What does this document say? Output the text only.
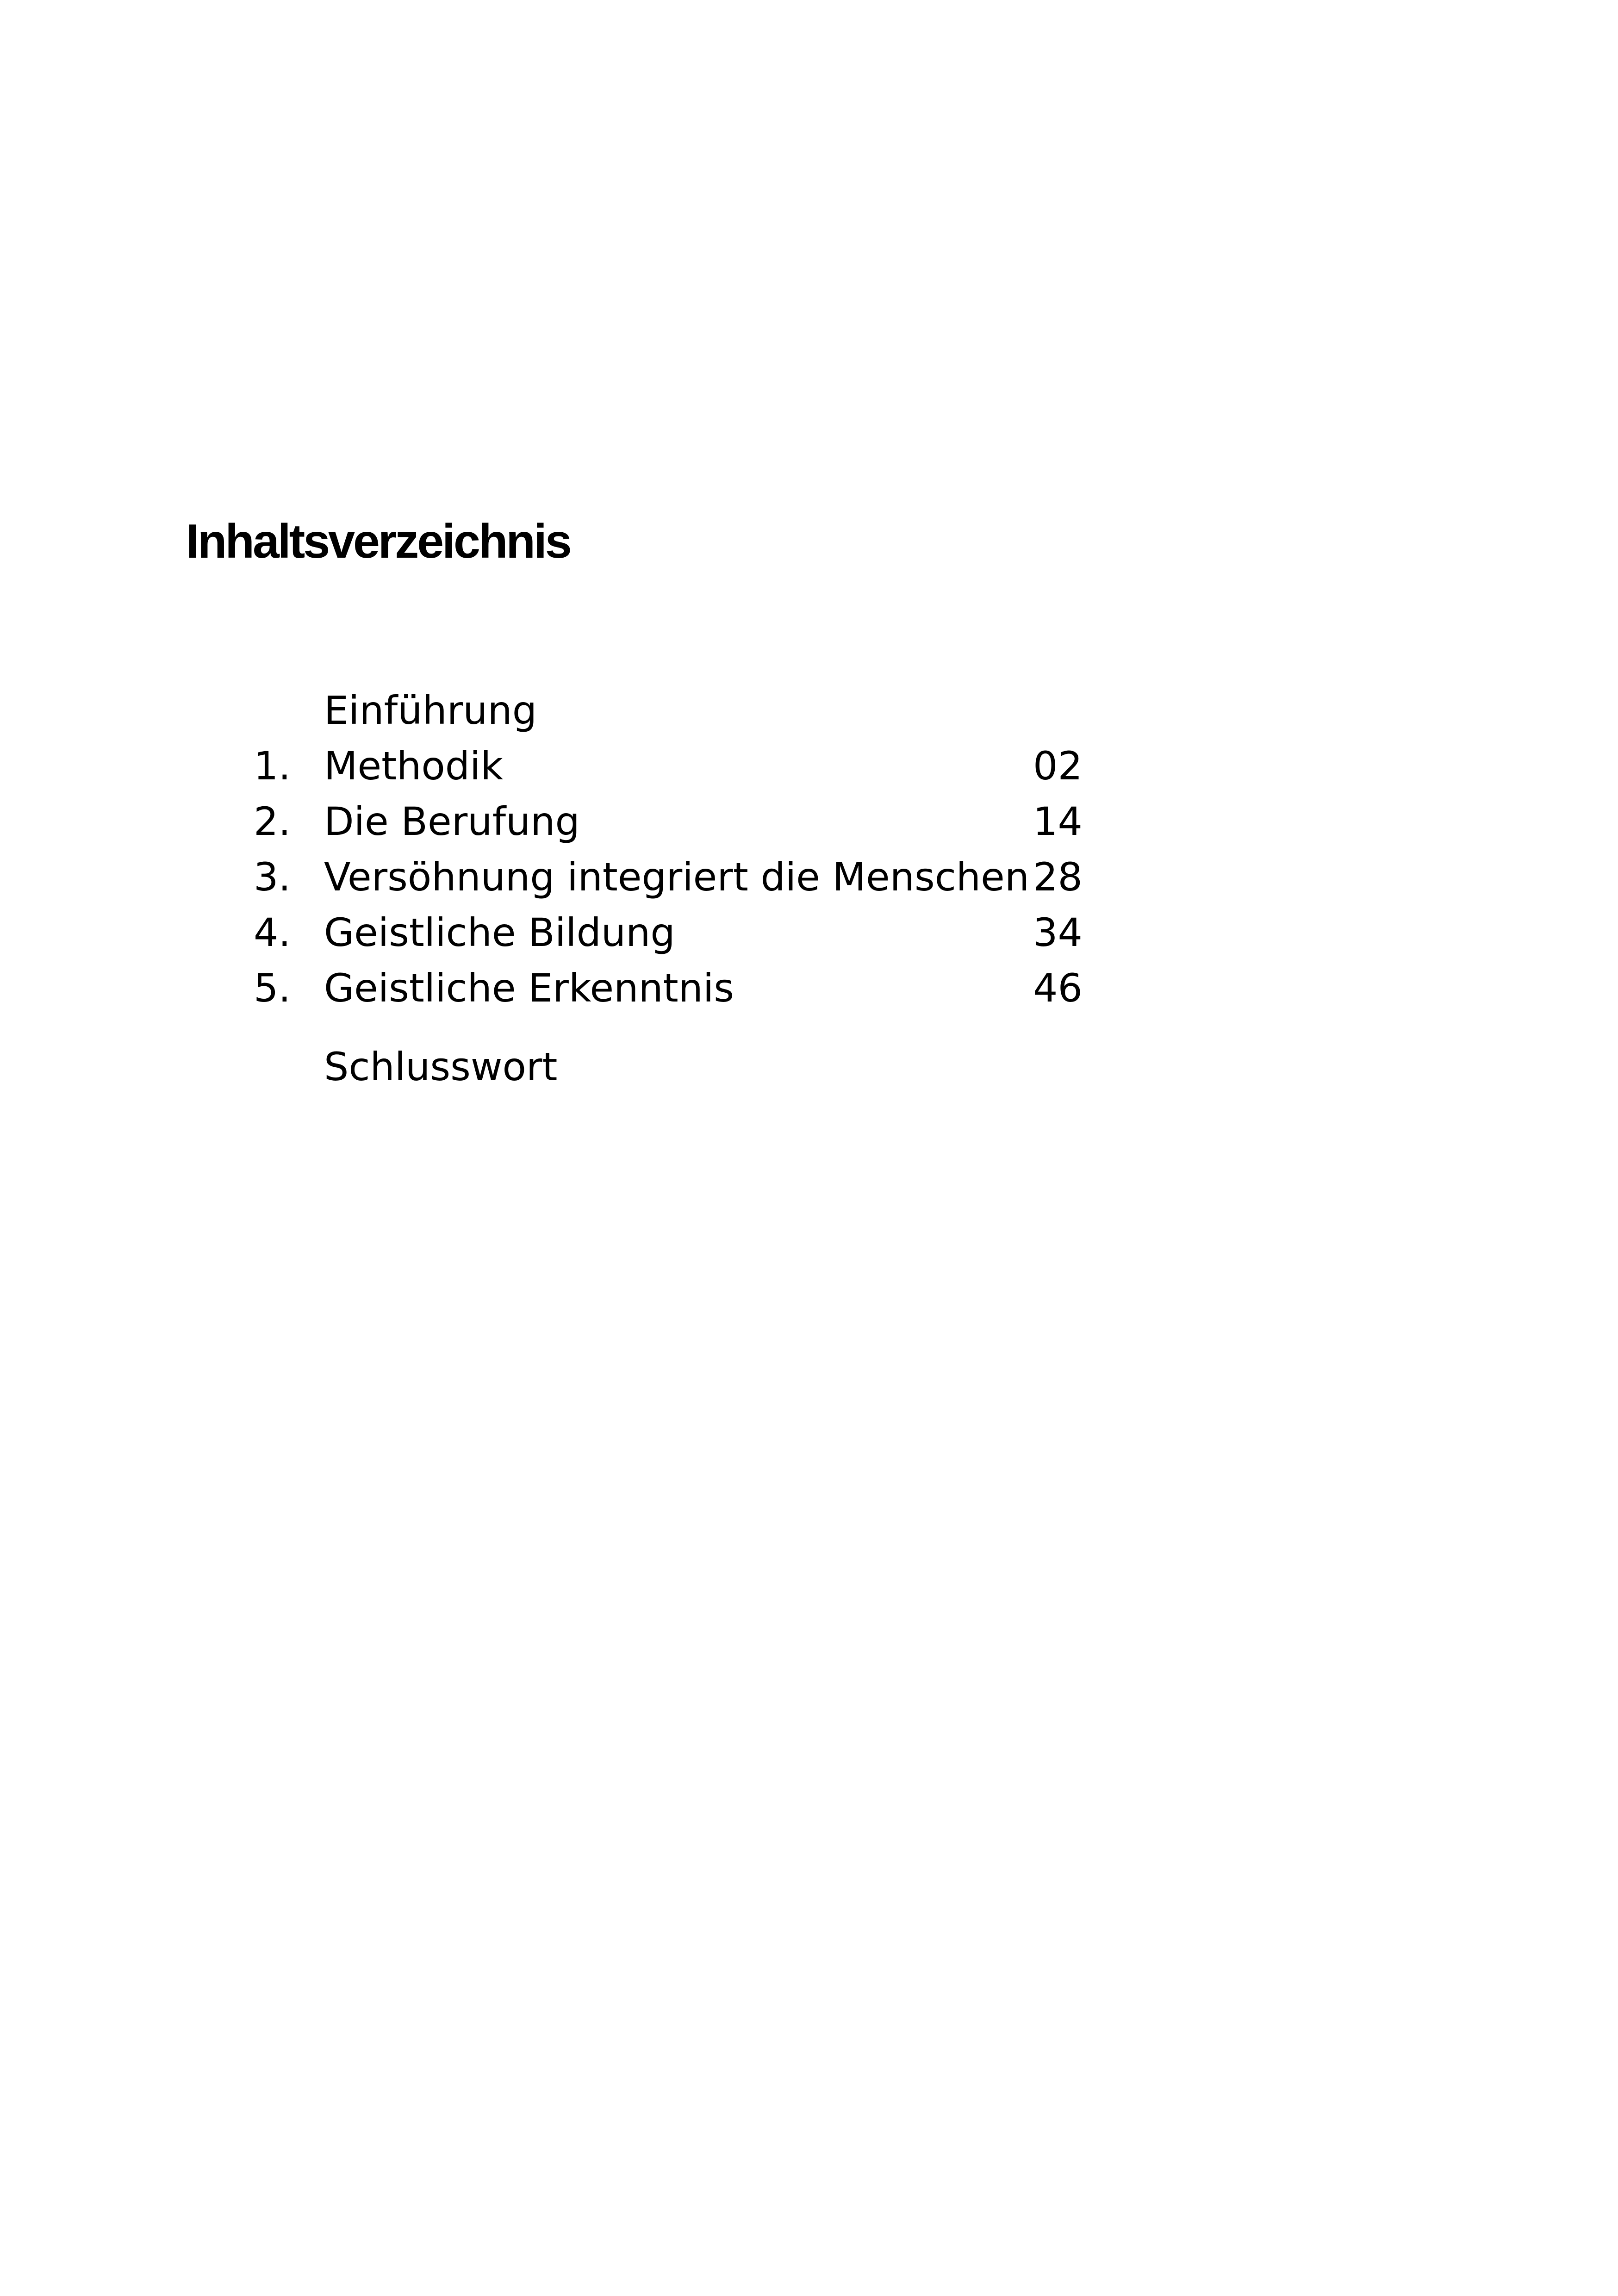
Inhaltsverzeichnis
Einführung
1. Methodik	02
2. Die Berufung	14
3. Versöhnung integriert die Menschen 28
4. Geistliche Bildung	34
5. Geistliche Erkenntnis	46
Schlusswort
